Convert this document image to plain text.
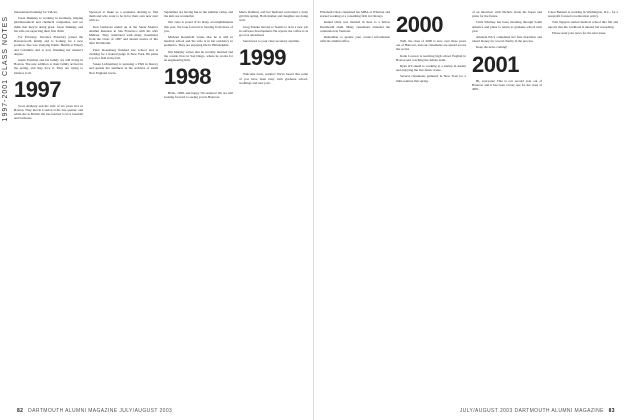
1997-2001 CLASS NOTES

international banking for Vulcan.

Jason Dunkley is working in Germany, helping pharmaceutical and chemical companies, and we think that they're doing great. Jason Dunkley and his wife are expecting their first child.

For February, Veronica Fiduciary joined the Ravensworth family and is looking for a new position. She was studying Public Health at Emory and Columbia and is now finishing her master's degree.

Justin Portman and his family are still living in Boston. The new addition to their family arrived in the spring, and they love it. They are trying to balance it all.

1997

Scott Anthony and his wife of six years live in Boston. They met in London at the late quarter, and while she is British she has learned to love baseball and barbecue.

Sponsors to make as a weekend, sharing to find them and who want to be in for their own new start with us.

Ken Gutierrez ended up at the Santa Monica Alumni Reunion in San Francisco with his wife Melissa. They celebrated with many classmates from the Class of 1997 and shared stories of life after Dartmouth.

Peter Rosenberg finished law school and is clerking for a federal judge in New York. He plans to join a firm in the fall.

Susan Lichtenberg is pursuing a PhD in history and spends her summers in the archives of small New England towns.

September are having fun in the summer camp, and the kids are wonderful.

Our class is proud of its many accomplishments this year. We look forward to hearing from more of you.

Michael Rosenfeld writes that he is still in medical school and his wife is in her residency in pediatrics. They are enjoying life in Philadelphia.

Jim Murphy writes that he recently married and the couple lives in San Diego, where he works for an engineering firm.

1998

Hello, 1998, and happy 5th reunion! We are still looking forward to seeing you in Hanover.

Maria Ramirez and her husband welcomed a baby girl this spring. Both mother and daughter are doing well.

Greg Tanaka moved to Seattle to start a new job in software development. He reports the coffee is as good as advertised.

Send news to your class secretary anytime.

1999

Welcome back, readers! We've heard that some of you have been busy with graduate school, weddings and new jobs.

82 DARTMOUTH ALUMNI MAGAZINE JULY/AUGUST 2003

Elizabeth Chen completed her MBA at Wharton and started working at a consulting firm in Chicago.

Daniel Ortiz was married in June to a fellow Dartmouth alum. Many classmates attended the celebration in Vermont.

Remember to update your contact information with the alumni office.

2000

Well, the class of 2000 is now over three years out of Hanover, and our classmates are spread across the world.

Katie Lawson is teaching high school English in Boston and coaching the debate team.

Ryan O'Connell is working at a startup in Austin and enjoying the live music scene.

Several classmates gathered in New York for a mini-reunion this spring.

of an interview with Nichols about his hopes and plans for the future.

Chris Whitney has been traveling through South America and plans to return to graduate school next year.

Amanda Price completed her first marathon and raised money for a local charity in the process.

Keep the news coming!

2001

Hi, everyone! This is our second year out of Hanover and it has been a busy one for the class of 2001.

Laura Bennett is working in Washington, D.C., for a nonprofit focused on education policy.

Tom Nguyen started medical school this fall and reports that the workload is intense but rewarding.

Please send your news for the next issue.

JULY/AUGUST 2003 DARTMOUTH ALUMNI MAGAZINE 83
